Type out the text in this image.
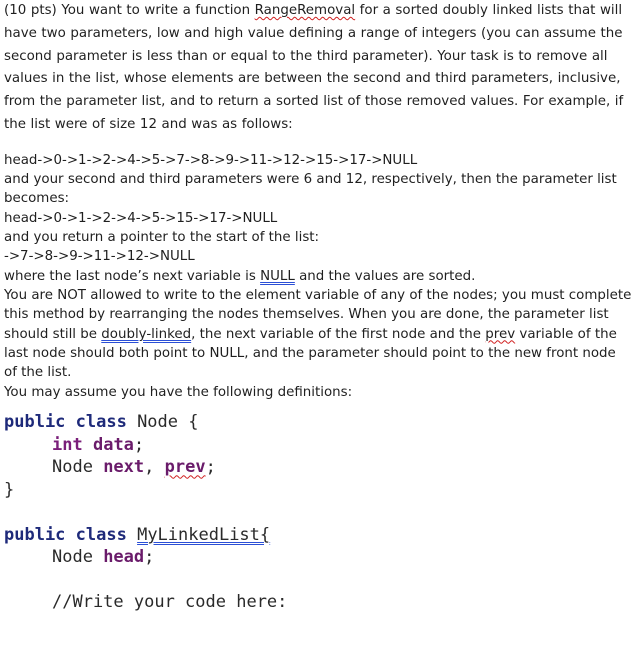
(10 pts) You want to write a function RangeRemoval for a sorted doubly linked lists that will have two parameters, low and high value defining a range of integers (you can assume the second parameter is less than or equal to the third parameter). Your task is to remove all values in the list, whose elements are between the second and third parameters, inclusive, from the parameter list, and to return a sorted list of those removed values. For example, if the list were of size 12 and was as follows:

head->0->1->2->4->5->7->8->9->11->12->15->17->NULL

and your second and third parameters were 6 and 12, respectively, then the parameter list

becomes:

head->0->1->2->4->5->15->17->NULL

and you return a pointer to the start of the list:

->7->8->9->11->12->NULL

where the last node’s next variable is NULL and the values are sorted.

You are NOT allowed to write to the element variable of any of the nodes; you must complete this method by rearranging the nodes themselves. When you are done, the parameter list should still be doubly-linked, the next variable of the first node and the prev variable of the last node should both point to NULL, and the parameter should point to the new front node of the list.

You may assume you have the following definitions:

public class Node {
int data;
Node next, prev;
}
public class MyLinkedList{
Node head;
//Write your code here:
